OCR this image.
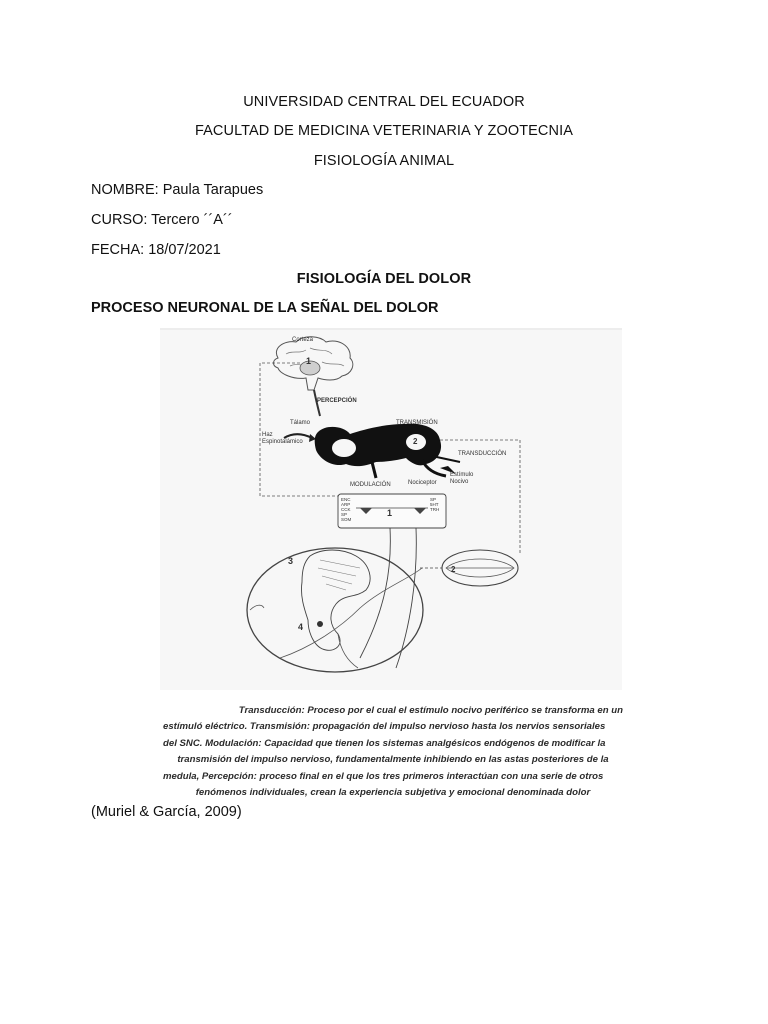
UNIVERSIDAD CENTRAL DEL ECUADOR
FACULTAD DE MEDICINA VETERINARIA Y ZOOTECNIA
FISIOLOGÍA ANIMAL
NOMBRE: Paula Tarapues
CURSO: Tercero ´´A´´
FECHA: 18/07/2021
FISIOLOGÍA DEL DOLOR
PROCESO NEURONAL DE LA SEÑAL DEL DOLOR
Corteza
1
PERCEPCIÓN
Tálamo
Haz
Espinotalámico	2
TRANSMISIÓN
TRANSDUCCIÓN
MODULACIÓN	Nociceptor
Estímulo
Nocivo
ENC
ARP
CCK
SP
SOM
1
SP
5HT
TRH
3
4
2
Transducción: Proceso por el cual el estímulo nocivo periférico se transforma en un
estímuló eléctrico. Transmisión: propagación del impulso nervioso hasta los nervios sensoriales
del SNC. Modulación: Capacidad que tienen los sistemas analgésicos endógenos de modificar la
transmisión del impulso nervioso, fundamentalmente inhibiendo en las astas posteriores de la
medula, Percepción: proceso final en el que los tres primeros interactúan con una serie de otros
fenómenos individuales, crean la experiencia subjetiva y emocional denominada dolor
(Muriel & García, 2009)
